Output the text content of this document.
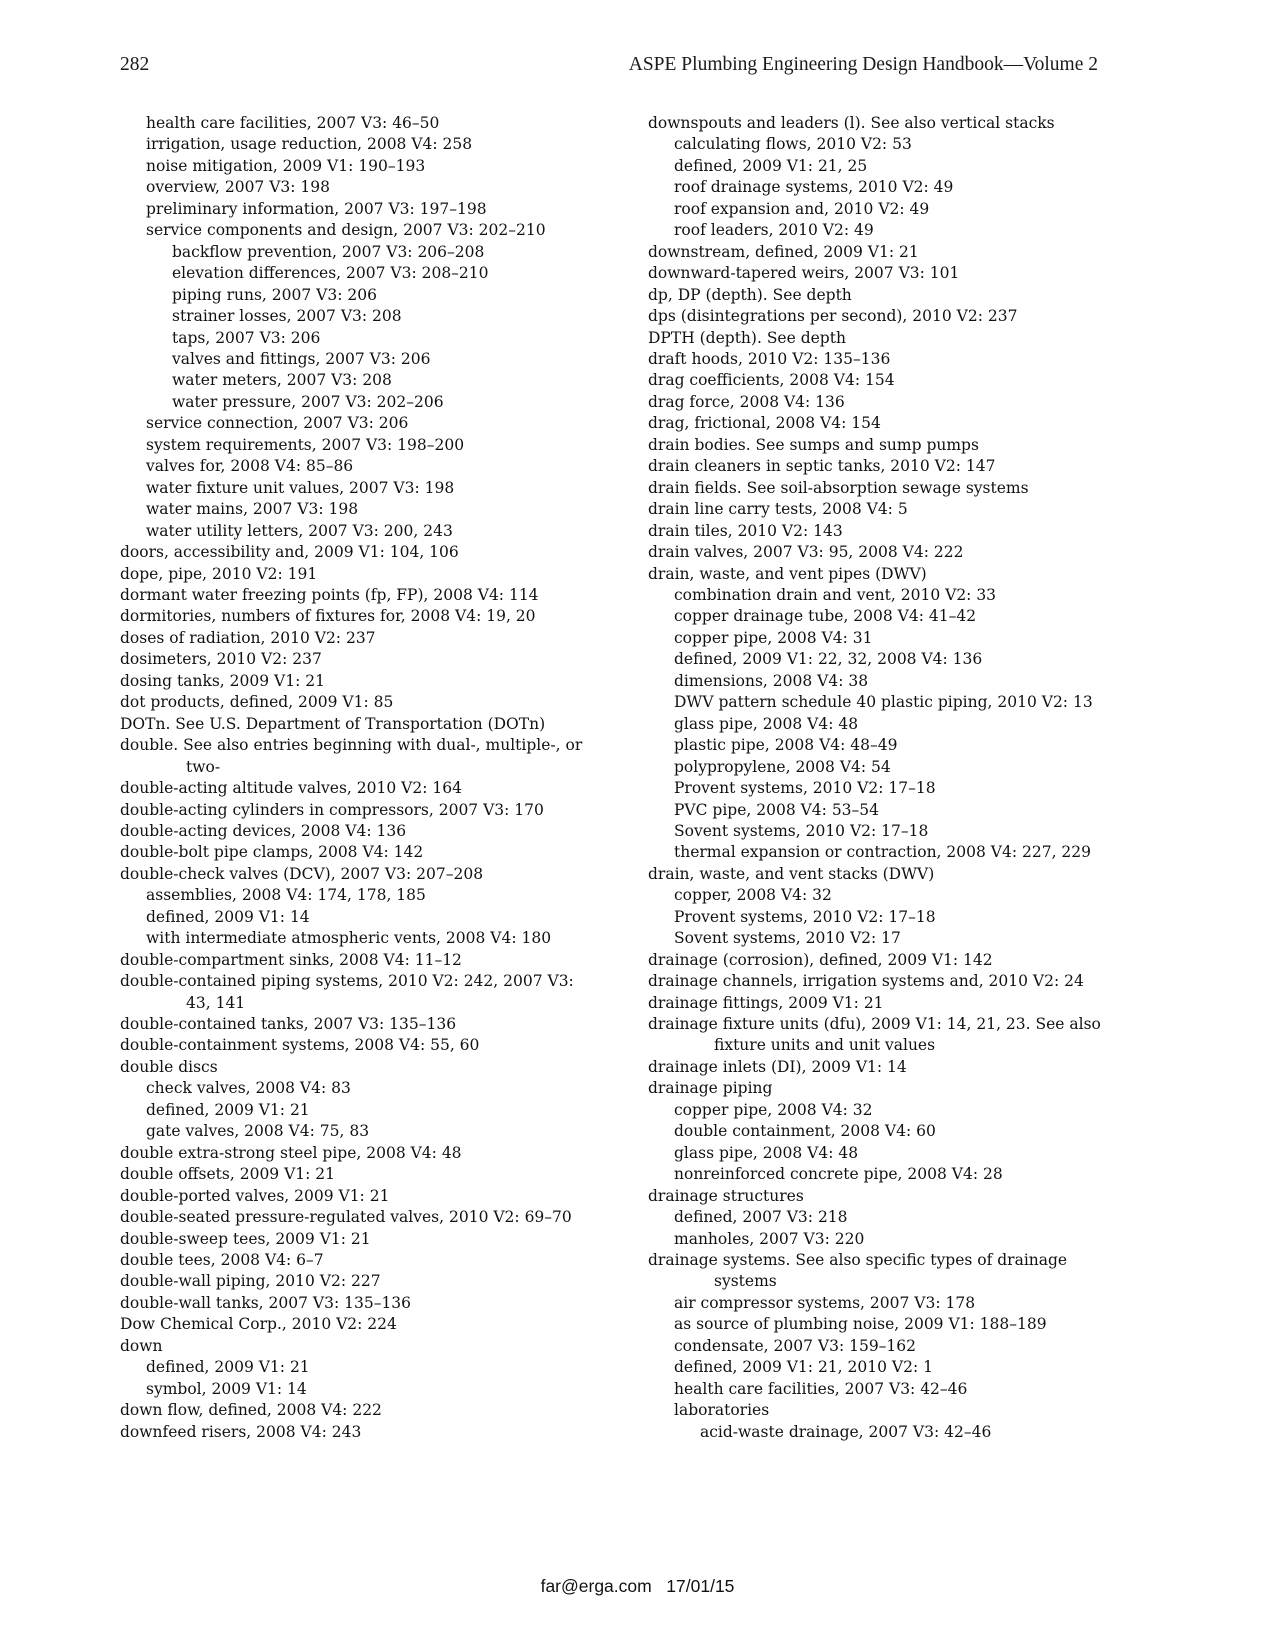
282	ASPE Plumbing Engineering Design Handbook—Volume 2
health care facilities, 2007 V3: 46–50
irrigation, usage reduction, 2008 V4: 258
noise mitigation, 2009 V1: 190–193
overview, 2007 V3: 198
preliminary information, 2007 V3: 197–198
service components and design, 2007 V3: 202–210
backflow prevention, 2007 V3: 206–208
elevation differences, 2007 V3: 208–210
piping runs, 2007 V3: 206
strainer losses, 2007 V3: 208
taps, 2007 V3: 206
valves and fittings, 2007 V3: 206
water meters, 2007 V3: 208
water pressure, 2007 V3: 202–206
service connection, 2007 V3: 206
system requirements, 2007 V3: 198–200
valves for, 2008 V4: 85–86
water fixture unit values, 2007 V3: 198
water mains, 2007 V3: 198
water utility letters, 2007 V3: 200, 243
doors, accessibility and, 2009 V1: 104, 106
dope, pipe, 2010 V2: 191
dormant water freezing points (fp, FP), 2008 V4: 114
dormitories, numbers of fixtures for, 2008 V4: 19, 20
doses of radiation, 2010 V2: 237
dosimeters, 2010 V2: 237
dosing tanks, 2009 V1: 21
dot products, defined, 2009 V1: 85
DOTn. See U.S. Department of Transportation (DOTn)
double. See also entries beginning with dual-, multiple-, or two-
double-acting altitude valves, 2010 V2: 164
double-acting cylinders in compressors, 2007 V3: 170
double-acting devices, 2008 V4: 136
double-bolt pipe clamps, 2008 V4: 142
double-check valves (DCV), 2007 V3: 207–208
assemblies, 2008 V4: 174, 178, 185
defined, 2009 V1: 14
with intermediate atmospheric vents, 2008 V4: 180
double-compartment sinks, 2008 V4: 11–12
double-contained piping systems, 2010 V2: 242, 2007 V3: 43, 141
double-contained tanks, 2007 V3: 135–136
double-containment systems, 2008 V4: 55, 60
double discs
check valves, 2008 V4: 83
defined, 2009 V1: 21
gate valves, 2008 V4: 75, 83
double extra-strong steel pipe, 2008 V4: 48
double offsets, 2009 V1: 21
double-ported valves, 2009 V1: 21
double-seated pressure-regulated valves, 2010 V2: 69–70
double-sweep tees, 2009 V1: 21
double tees, 2008 V4: 6–7
double-wall piping, 2010 V2: 227
double-wall tanks, 2007 V3: 135–136
Dow Chemical Corp., 2010 V2: 224
down
defined, 2009 V1: 21
symbol, 2009 V1: 14
down flow, defined, 2008 V4: 222
downfeed risers, 2008 V4: 243
downspouts and leaders (l). See also vertical stacks
calculating flows, 2010 V2: 53
defined, 2009 V1: 21, 25
roof drainage systems, 2010 V2: 49
roof expansion and, 2010 V2: 49
roof leaders, 2010 V2: 49
downstream, defined, 2009 V1: 21
downward-tapered weirs, 2007 V3: 101
dp, DP (depth). See depth
dps (disintegrations per second), 2010 V2: 237
DPTH (depth). See depth
draft hoods, 2010 V2: 135–136
drag coefficients, 2008 V4: 154
drag force, 2008 V4: 136
drag, frictional, 2008 V4: 154
drain bodies. See sumps and sump pumps
drain cleaners in septic tanks, 2010 V2: 147
drain fields. See soil-absorption sewage systems
drain line carry tests, 2008 V4: 5
drain tiles, 2010 V2: 143
drain valves, 2007 V3: 95, 2008 V4: 222
drain, waste, and vent pipes (DWV)
combination drain and vent, 2010 V2: 33
copper drainage tube, 2008 V4: 41–42
copper pipe, 2008 V4: 31
defined, 2009 V1: 22, 32, 2008 V4: 136
dimensions, 2008 V4: 38
DWV pattern schedule 40 plastic piping, 2010 V2: 13
glass pipe, 2008 V4: 48
plastic pipe, 2008 V4: 48–49
polypropylene, 2008 V4: 54
Provent systems, 2010 V2: 17–18
PVC pipe, 2008 V4: 53–54
Sovent systems, 2010 V2: 17–18
thermal expansion or contraction, 2008 V4: 227, 229
drain, waste, and vent stacks (DWV)
copper, 2008 V4: 32
Provent systems, 2010 V2: 17–18
Sovent systems, 2010 V2: 17
drainage (corrosion), defined, 2009 V1: 142
drainage channels, irrigation systems and, 2010 V2: 24
drainage fittings, 2009 V1: 21
drainage fixture units (dfu), 2009 V1: 14, 21, 23. See also fixture units and unit values
drainage inlets (DI), 2009 V1: 14
drainage piping
copper pipe, 2008 V4: 32
double containment, 2008 V4: 60
glass pipe, 2008 V4: 48
nonreinforced concrete pipe, 2008 V4: 28
drainage structures
defined, 2007 V3: 218
manholes, 2007 V3: 220
drainage systems. See also specific types of drainage systems
air compressor systems, 2007 V3: 178
as source of plumbing noise, 2009 V1: 188–189
condensate, 2007 V3: 159–162
defined, 2009 V1: 21, 2010 V2: 1
health care facilities, 2007 V3: 42–46
laboratories
acid-waste drainage, 2007 V3: 42–46
far@erga.com   17/01/15
